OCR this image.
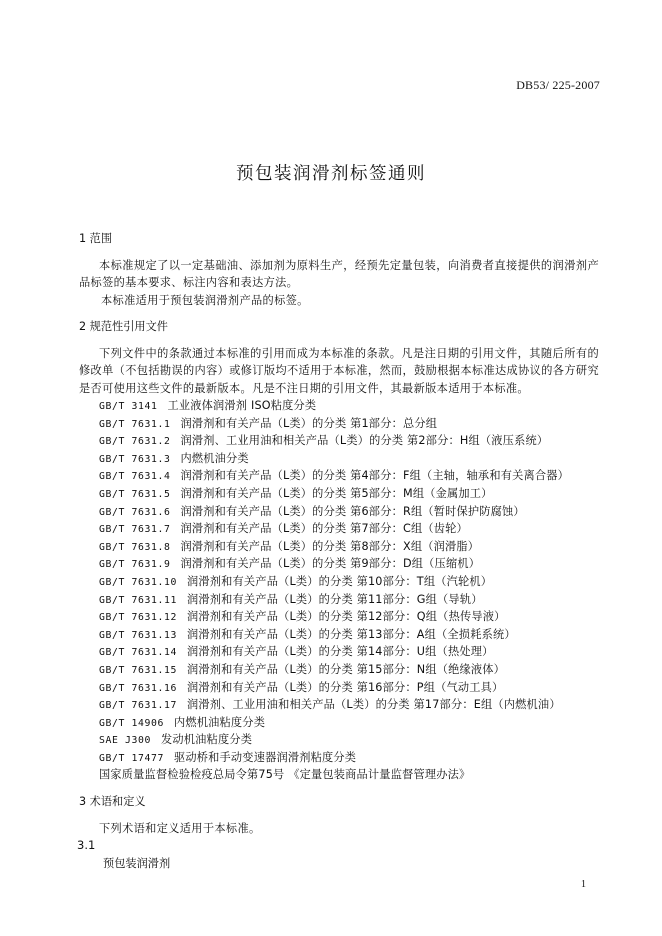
DB53/ 225-2007
预包装润滑剂标签通则

1 范围

本标准规定了以一定基础油、添加剂为原料生产，经预先定量包装，向消费者直接提供的润滑剂产品标签的基本要求、标注内容和表达方法。

本标准适用于预包装润滑剂产品的标签。

2 规范性引用文件

下列文件中的条款通过本标准的引用而成为本标准的条款。凡是注日期的引用文件，其随后所有的修改单（不包括勘误的内容）或修订版均不适用于本标准，然而，鼓励根据本标准达成协议的各方研究是否可使用这些文件的最新版本。凡是不注日期的引用文件，其最新版本适用于本标准。

GB/T 3141 工业液体润滑剂 ISO粘度分类
GB/T 7631.1 润滑剂和有关产品（L类）的分类 第1部分：总分组
GB/T 7631.2 润滑剂、工业用油和相关产品（L类）的分类 第2部分：H组（液压系统）
GB/T 7631.3 内燃机油分类
GB/T 7631.4 润滑剂和有关产品（L类）的分类 第4部分：F组（主轴，轴承和有关离合器）
GB/T 7631.5 润滑剂和有关产品（L类）的分类 第5部分：M组（金属加工）
GB/T 7631.6 润滑剂和有关产品（L类）的分类 第6部分：R组（暂时保护防腐蚀）
GB/T 7631.7 润滑剂和有关产品（L类）的分类 第7部分：C组（齿轮）
GB/T 7631.8 润滑剂和有关产品（L类）的分类 第8部分：X组（润滑脂）
GB/T 7631.9 润滑剂和有关产品（L类）的分类 第9部分：D组（压缩机）
GB/T 7631.10 润滑剂和有关产品（L类）的分类 第10部分：T组（汽轮机）
GB/T 7631.11 润滑剂和有关产品（L类）的分类 第11部分：G组（导轨）
GB/T 7631.12 润滑剂和有关产品（L类）的分类 第12部分：Q组（热传导液）
GB/T 7631.13 润滑剂和有关产品（L类）的分类 第13部分：A组（全损耗系统）
GB/T 7631.14 润滑剂和有关产品（L类）的分类 第14部分：U组（热处理）
GB/T 7631.15 润滑剂和有关产品（L类）的分类 第15部分：N组（绝缘液体）
GB/T 7631.16 润滑剂和有关产品（L类）的分类 第16部分：P组（气动工具）
GB/T 7631.17 润滑剂、工业用油和相关产品（L类）的分类 第17部分：E组（内燃机油）
GB/T 14906 内燃机油粘度分类
SAE J300 发动机油粘度分类
GB/T 17477 驱动桥和手动变速器润滑剂粘度分类
国家质量监督检验检疫总局令第75号 《定量包装商品计量监督管理办法》

3 术语和定义

下列术语和定义适用于本标准。

3.1

预包装润滑剂

1
